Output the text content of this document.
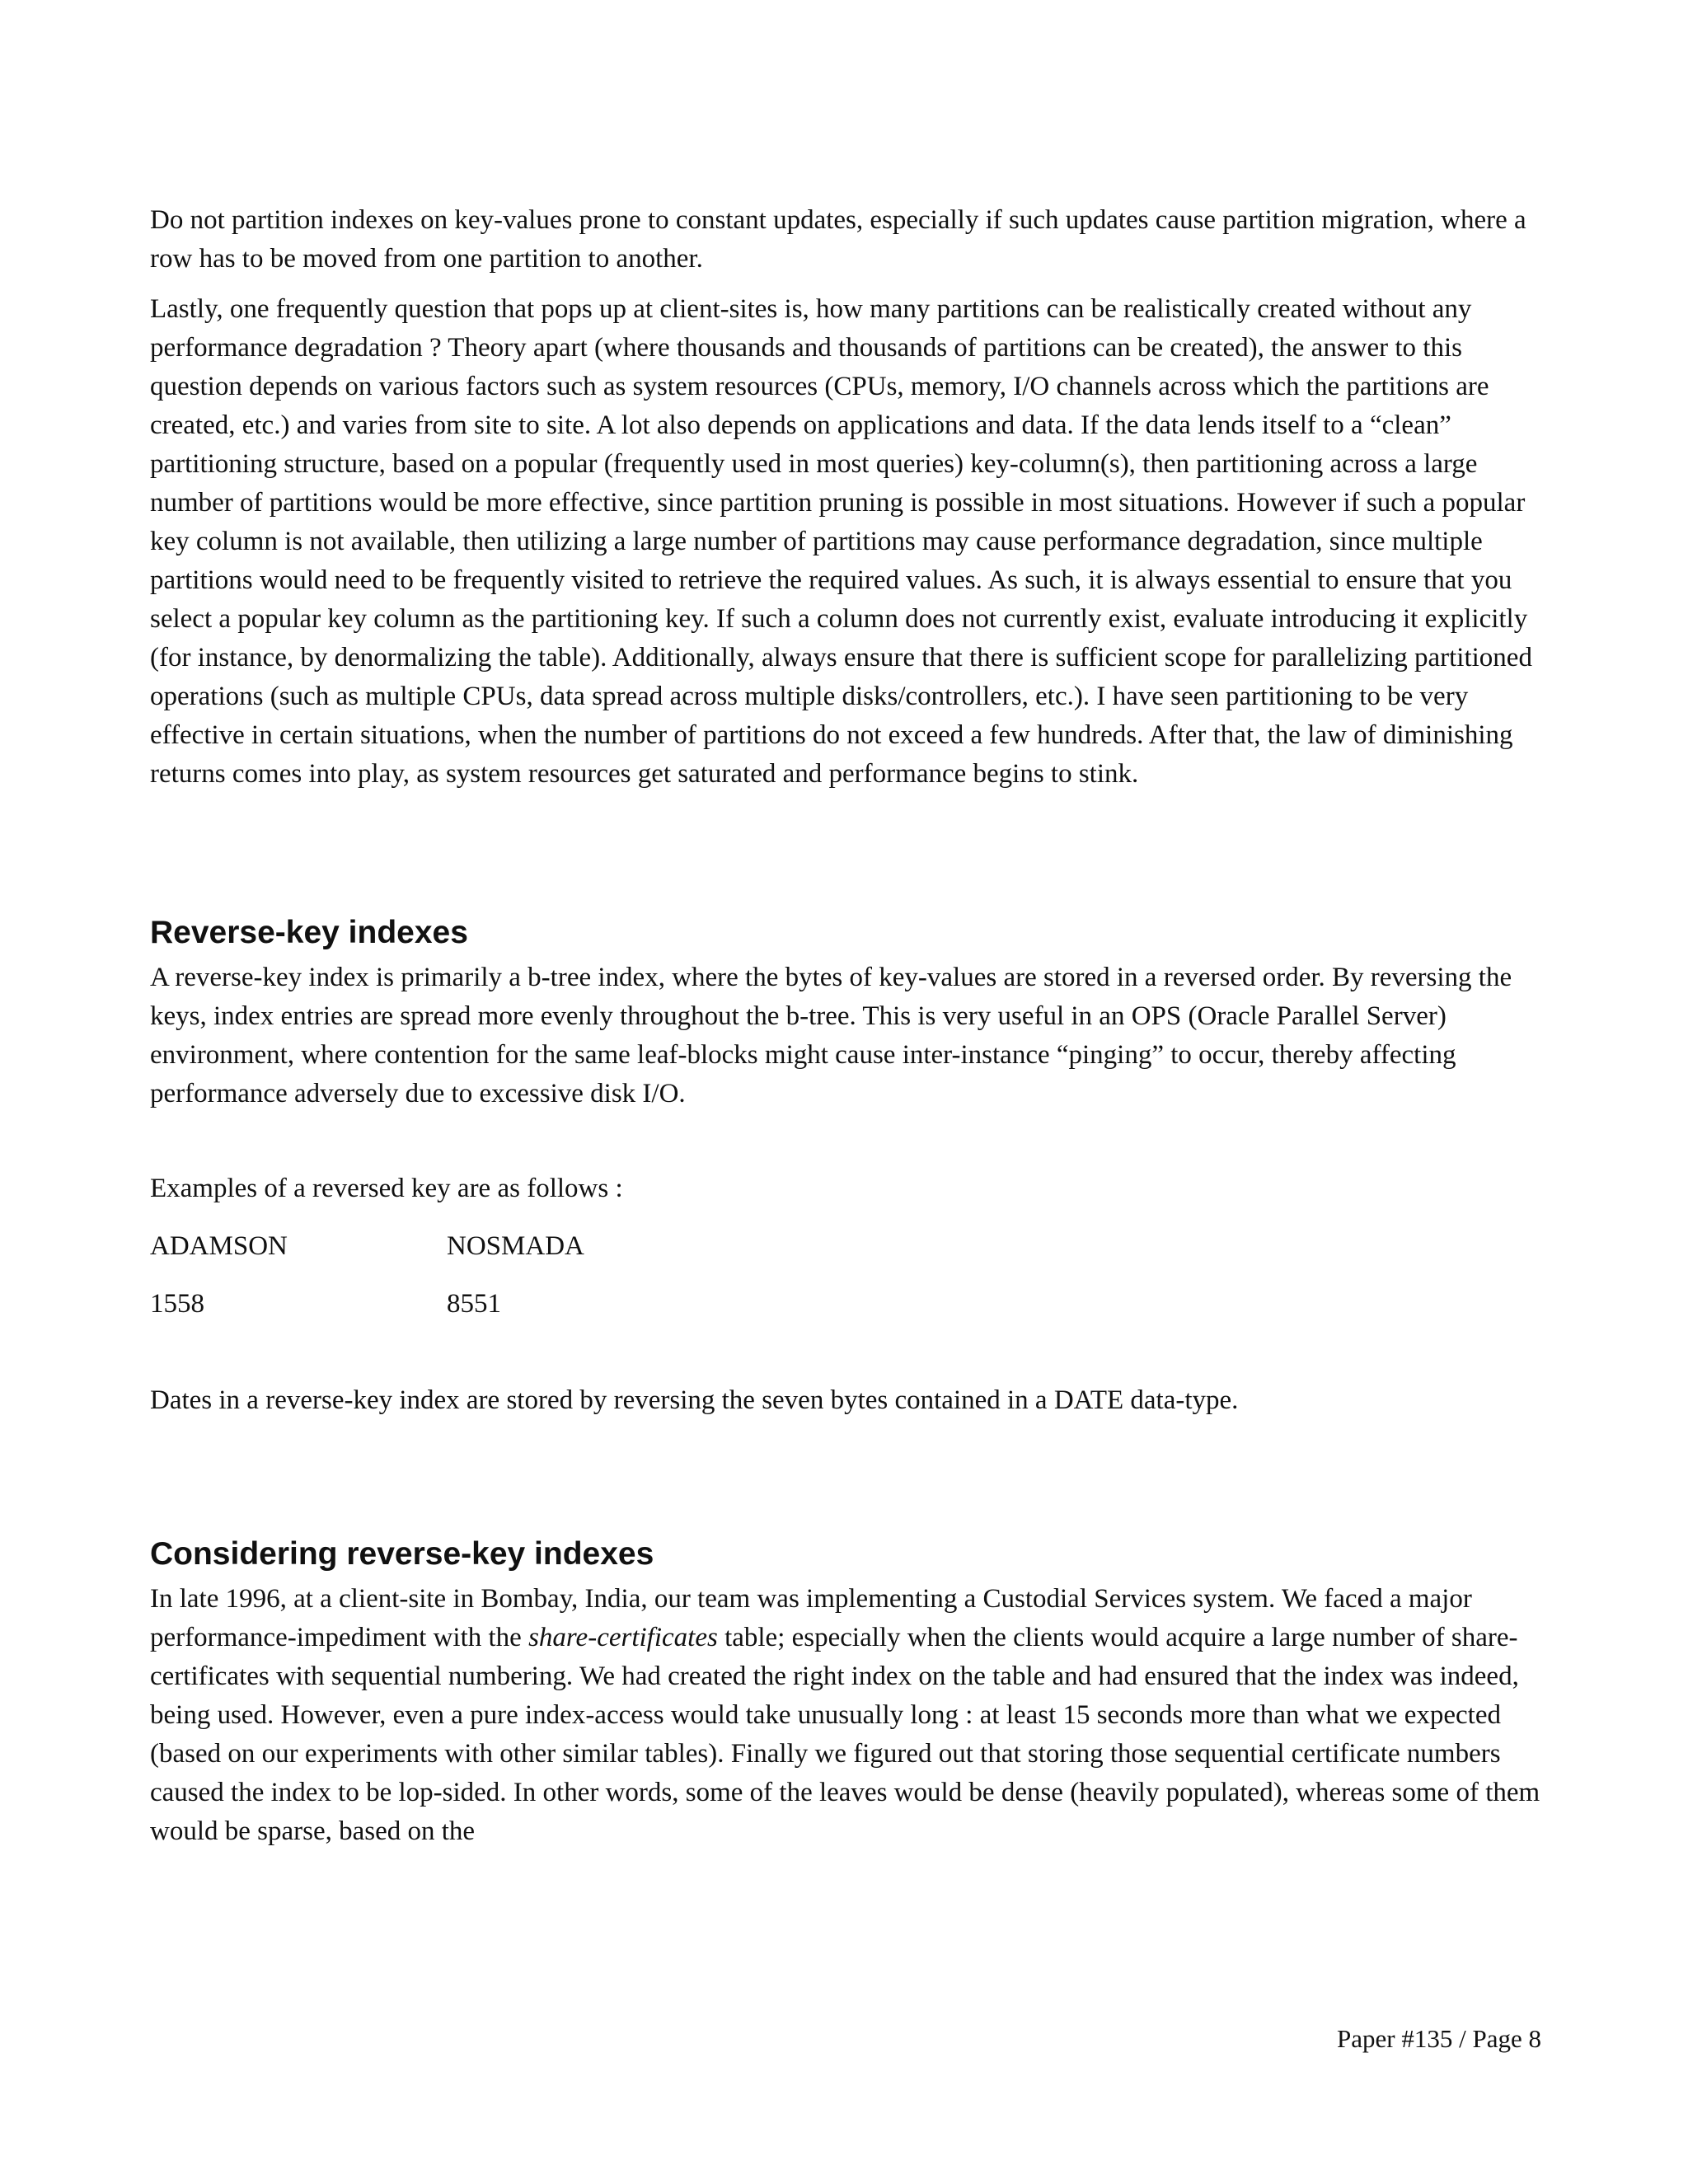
Do not partition indexes on key-values prone to constant updates, especially if such updates cause partition migration, where a row has to be moved from one partition to another.

Lastly, one frequently question that pops up at client-sites is, how many partitions can be realistically created without any performance degradation ? Theory apart (where thousands and thousands of partitions can be created), the answer to this question depends on various factors such as system resources (CPUs, memory, I/O channels across which the partitions are created, etc.) and varies from site to site. A lot also depends on applications and data. If the data lends itself to a “clean” partitioning structure, based on a popular (frequently used in most queries) key-column(s), then partitioning across a large number of partitions would be more effective, since partition pruning is possible in most situations. However if such a popular key column is not available, then utilizing a large number of partitions may cause performance degradation, since multiple partitions would need to be frequently visited to retrieve the required values. As such, it is always essential to ensure that you select a popular key column as the partitioning key. If such a column does not currently exist, evaluate introducing it explicitly (for instance, by denormalizing the table). Additionally, always ensure that there is sufficient scope for parallelizing partitioned operations (such as multiple CPUs, data spread across multiple disks/controllers, etc.). I have seen partitioning to be very effective in certain situations, when the number of partitions do not exceed a few hundreds. After that, the law of diminishing returns comes into play, as system resources get saturated and performance begins to stink.

Reverse-key indexes

A reverse-key index is primarily a b-tree index, where the bytes of key-values are stored in a reversed order. By reversing the keys, index entries are spread more evenly throughout the b-tree. This is very useful in an OPS (Oracle Parallel Server) environment, where contention for the same leaf-blocks might cause inter-instance “pinging” to occur, thereby affecting performance adversely due to excessive disk I/O.

Examples of a reversed key are as follows :

ADAMSON	NOSMADA
1558	8551

Dates in a reverse-key index are stored by reversing the seven bytes contained in a DATE data-type.

Considering reverse-key indexes

In late 1996, at a client-site in Bombay, India, our team was implementing a Custodial Services system. We faced a major performance-impediment with the share-certificates table; especially when the clients would acquire a large number of share-certificates with sequential numbering. We had created the right index on the table and had ensured that the index was indeed, being used. However, even a pure index-access would take unusually long : at least 15 seconds more than what we expected (based on our experiments with other similar tables). Finally we figured out that storing those sequential certificate numbers caused the index to be lop-sided. In other words, some of the leaves would be dense (heavily populated), whereas some of them would be sparse, based on the

Paper #135 / Page 8
